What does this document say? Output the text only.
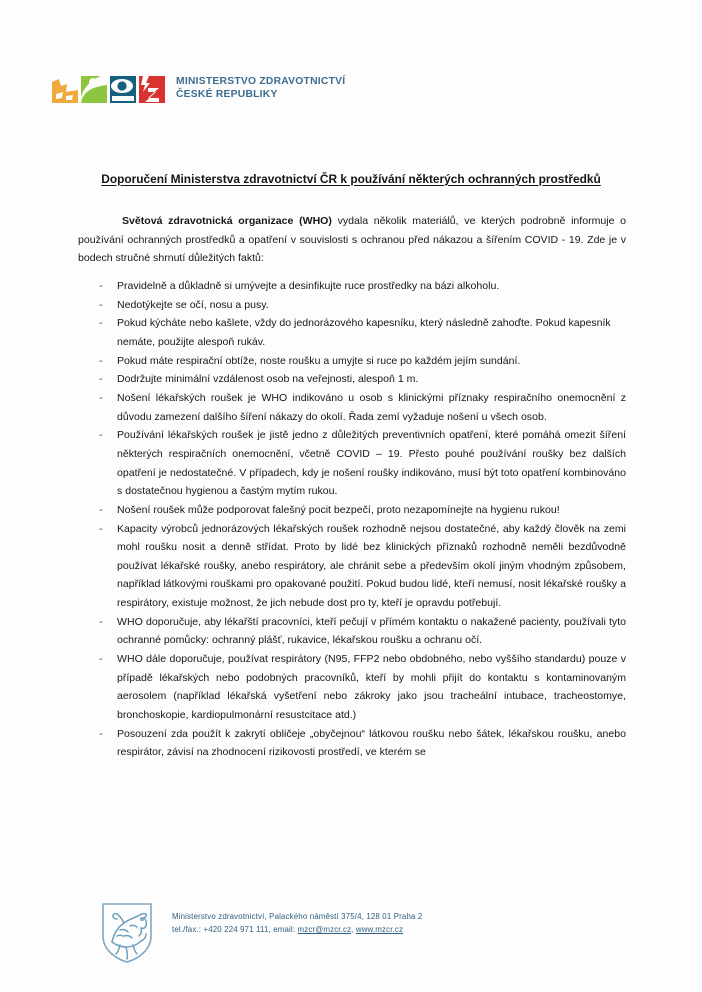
MINISTERSTVO ZDRAVOTNICTVÍ
ČESKÉ REPUBLIKY
Doporučení Ministerstva zdravotnictví ČR k používání některých ochranných prostředků

Světová zdravotnická organizace (WHO) vydala několik materiálů, ve kterých podrobně informuje o používání ochranných prostředků a opatření v souvislosti s ochranou před nákazou a šířením COVID - 19. Zde je v bodech stručné shrnutí důležitých faktů:

- Pravidelně a důkladně si umývejte a desinfikujte ruce prostředky na bázi alkoholu.
- Nedotýkejte se očí, nosu a pusy.
- Pokud kýcháte nebo kašlete, vždy do jednorázového kapesníku, který následně zahoďte. Pokud kapesník nemáte, použijte alespoň rukáv.
- Pokud máte respirační obtíže, noste roušku a umyjte si ruce po každém jejím sundání.
- Dodržujte minimální vzdálenost osob na veřejnosti, alespoň 1 m.
- Nošení lékařských roušek je WHO indikováno u osob s klinickými příznaky respiračního onemocnění z důvodu zamezení dalšího šíření nákazy do okolí. Řada zemí vyžaduje nošení u všech osob.
- Používání lékařských roušek je jistě jedno z důležitých preventivních opatření, které pomáhá omezit šíření některých respiračních onemocnění, včetně COVID – 19. Přesto pouhé používání roušky bez dalších opatření je nedostatečné. V případech, kdy je nošení roušky indikováno, musí být toto opatření kombinováno s dostatečnou hygienou a častým mytím rukou.
- Nošení roušek může podporovat falešný pocit bezpečí, proto nezapomínejte na hygienu rukou!
- Kapacity výrobců jednorázových lékařských roušek rozhodně nejsou dostatečné, aby každý člověk na zemi mohl roušku nosit a denně střídat. Proto by lidé bez klinických příznaků rozhodně neměli bezdůvodně používat lékařské roušky, anebo respirátory, ale chránit sebe a především okolí jiným vhodným způsobem, například látkovými rouškami pro opakované použití. Pokud budou lidé, kteří nemusí, nosit lékařské roušky a respirátory, existuje možnost, že jich nebude dost pro ty, kteří je opravdu potřebují.
- WHO doporučuje, aby lékařští pracovníci, kteří pečují v přímém kontaktu o nakažené pacienty, používali tyto ochranné pomůcky: ochranný plášť, rukavice, lékařskou roušku a ochranu očí.
- WHO dále doporučuje, používat respirátory (N95, FFP2 nebo obdobného, nebo vyššího standardu) pouze v případě lékařských nebo podobných pracovníků, kteří by mohli přijít do kontaktu s kontaminovaným aerosolem (například lékařská vyšetření nebo zákroky jako jsou tracheální intubace, tracheostomye, bronchoskopie, kardiopulmonární resustcitace atd.)
- Posouzení zda použít k zakrytí obličeje „obyčejnou“ látkovou roušku nebo šátek, lékařskou roušku, anebo respirátor, závisí na zhodnocení rizikovosti prostředí, ve kterém se
Ministerstvo zdravotnictví, Palackého náměstí 375/4, 128 01 Praha 2
tel./fax.: +420 224 971 111, email: mzcr@mzcr.cz, www.mzcr.cz
